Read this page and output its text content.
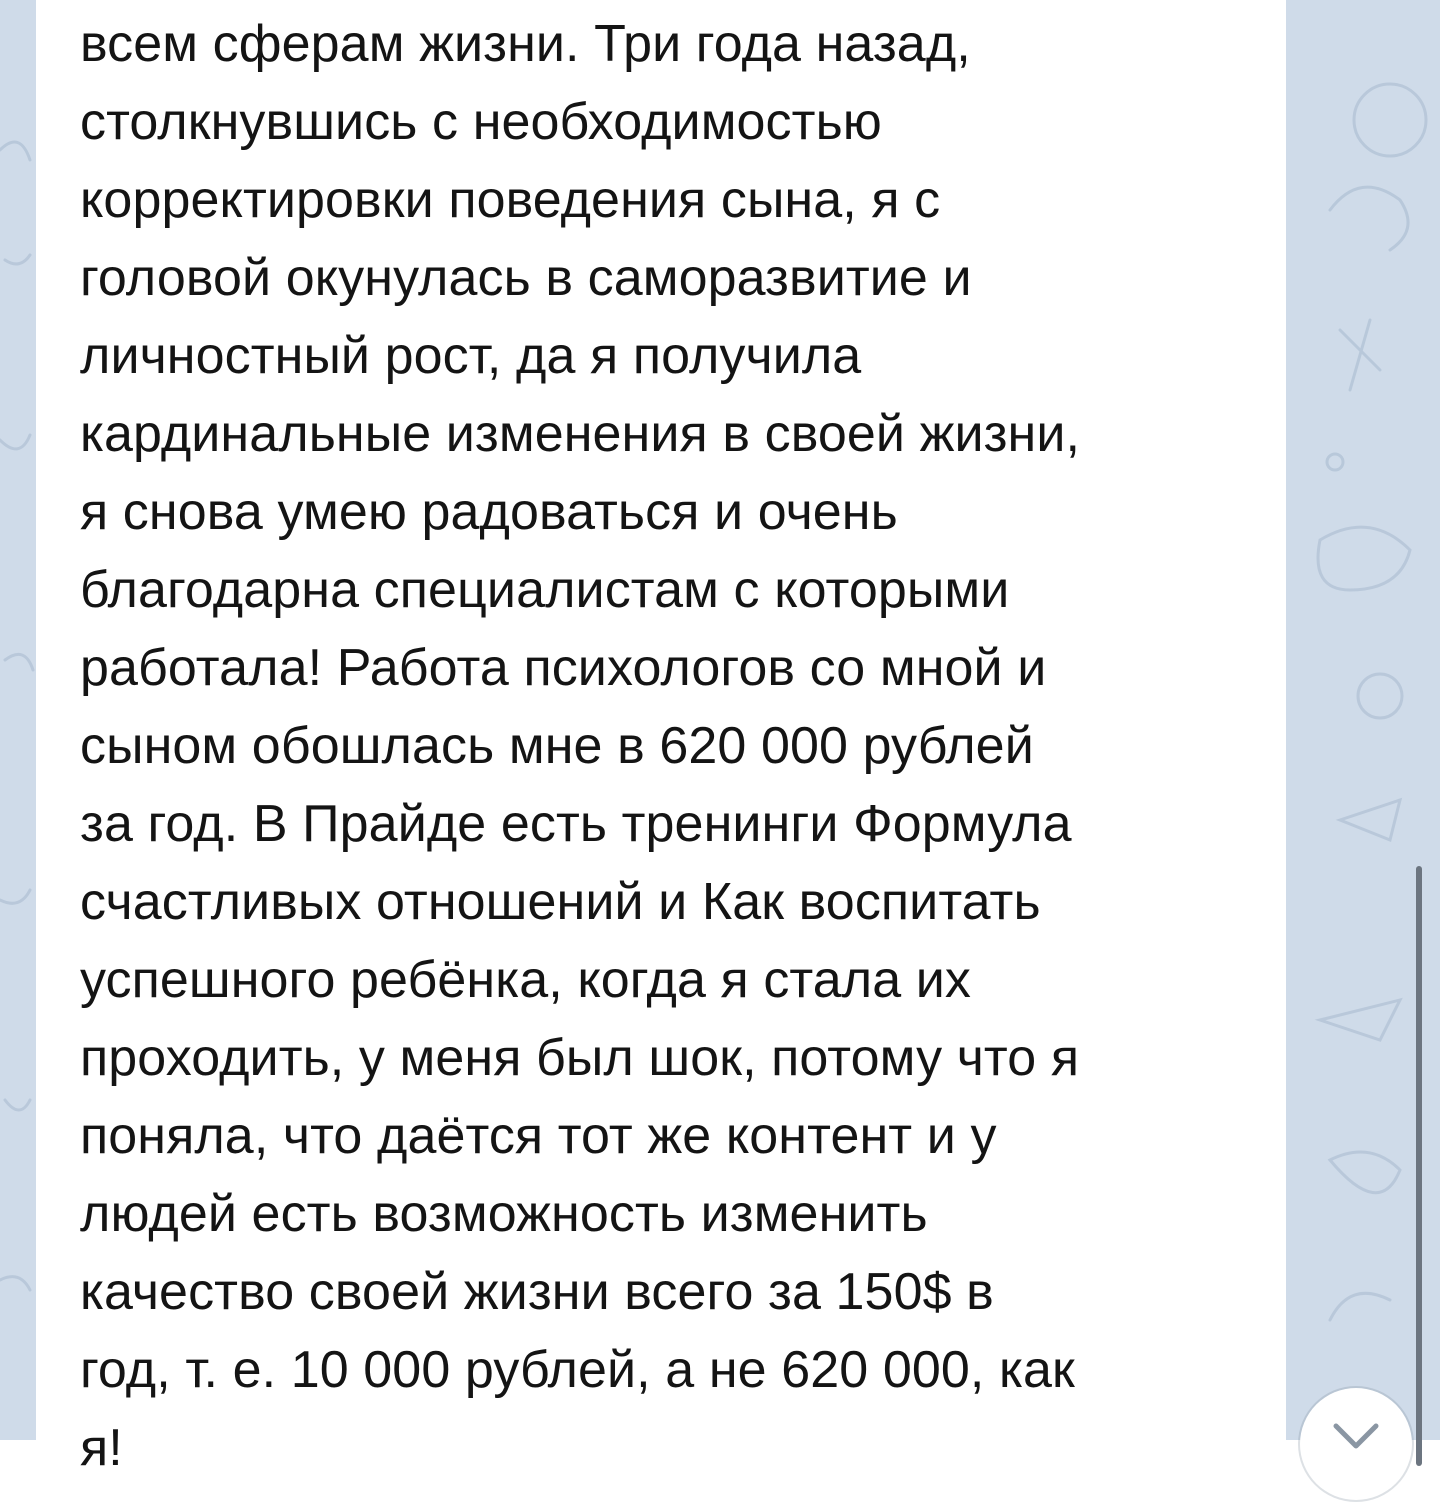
всем сферам жизни. Три года назад,
столкнувшись с необходимостью
корректировки поведения сына, я с
головой окунулась в саморазвитие и
личностный рост, да я получила
кардинальные изменения в своей жизни,
я снова умею радоваться и очень
благодарна специалистам с которыми
работала! Работа психологов со мной и
сыном обошлась мне в 620 000 рублей
за год. В Прайде есть тренинги Формула
счастливых отношений и Как воспитать
успешного ребёнка, когда я стала их
проходить, у меня был шок, потому что я
поняла, что даётся тот же контент и у
людей есть возможность изменить
качество своей жизни всего за 150$ в
год, т. е. 10 000 рублей, а не 620 000, как
я!
